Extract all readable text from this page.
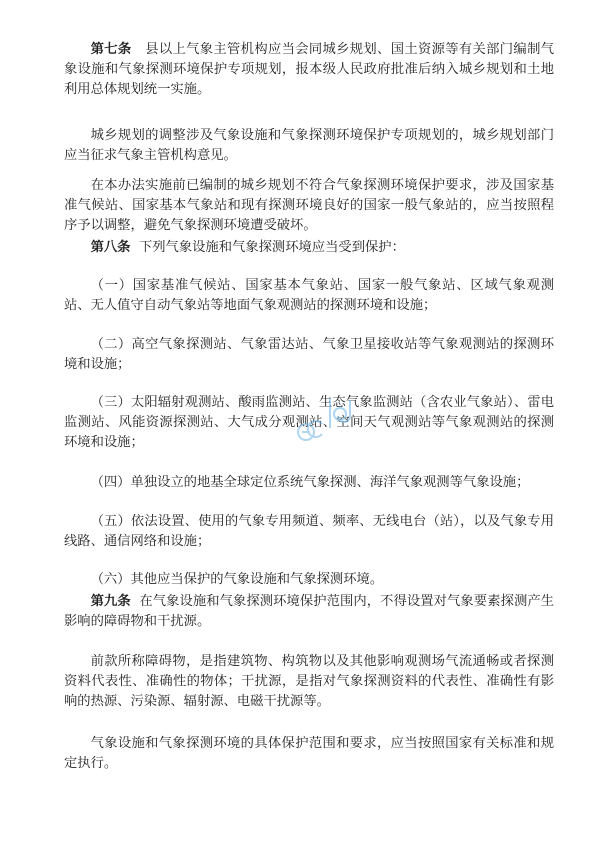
第七条 县以上气象主管机构应当会同城乡规划、国土资源等有关部门编制气象设施和气象探测环境保护专项规划，报本级人民政府批准后纳入城乡规划和土地利用总体规划统一实施。

城乡规划的调整涉及气象设施和气象探测环境保护专项规划的，城乡规划部门应当征求气象主管机构意见。

在本办法实施前已编制的城乡规划不符合气象探测环境保护要求，涉及国家基准气候站、国家基本气象站和现有探测环境良好的国家一般气象站的，应当按照程序予以调整，避免气象探测环境遭受破坏。

第八条 下列气象设施和气象探测环境应当受到保护：

（一）国家基准气候站、国家基本气象站、国家一般气象站、区域气象观测站、无人值守自动气象站等地面气象观测站的探测环境和设施；

（二）高空气象探测站、气象雷达站、气象卫星接收站等气象观测站的探测环境和设施；

（三）太阳辐射观测站、酸雨监测站、生态气象监测站（含农业气象站）、雷电监测站、风能资源探测站、大气成分观测站、空间天气观测站等气象观测站的探测环境和设施；

（四）单独设立的地基全球定位系统气象探测、海洋气象观测等气象设施；

（五）依法设置、使用的气象专用频道、频率、无线电台（站），以及气象专用线路、通信网络和设施；

（六）其他应当保护的气象设施和气象探测环境。

第九条 在气象设施和气象探测环境保护范围内，不得设置对气象要素探测产生影响的障碍物和干扰源。

前款所称障碍物，是指建筑物、构筑物以及其他影响观测场气流通畅或者探测资料代表性、准确性的物体；干扰源，是指对气象探测资料的代表性、准确性有影响的热源、污染源、辐射源、电磁干扰源等。

气象设施和气象探测环境的具体保护范围和要求，应当按照国家有关标准和规定执行。
